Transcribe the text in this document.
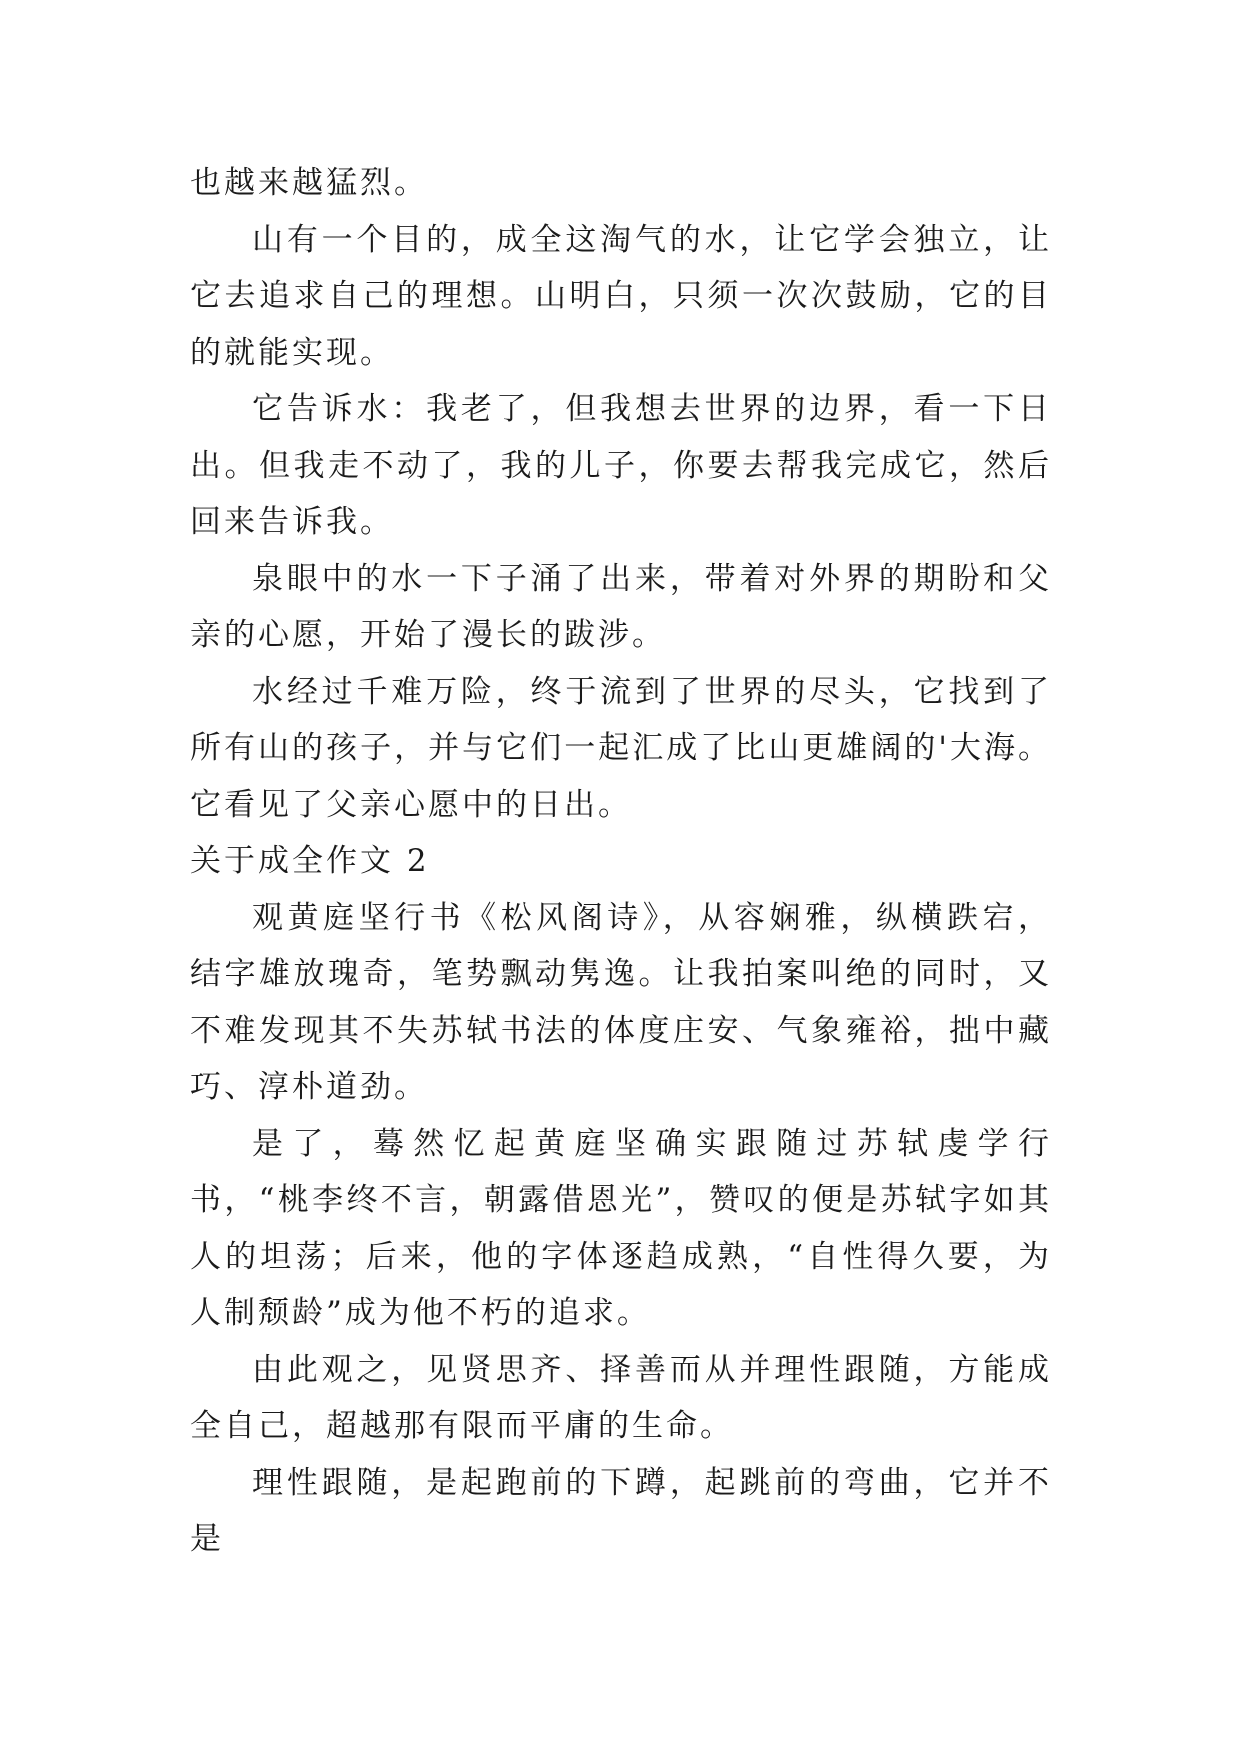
也越来越猛烈。

山有一个目的，成全这淘气的水，让它学会独立，让它去追求自己的理想。山明白，只须一次次鼓励，它的目的就能实现。

它告诉水：我老了，但我想去世界的边界，看一下日出。但我走不动了，我的儿子，你要去帮我完成它，然后回来告诉我。

泉眼中的水一下子涌了出来，带着对外界的期盼和父亲的心愿，开始了漫长的跋涉。

水经过千难万险，终于流到了世界的尽头，它找到了所有山的孩子，并与它们一起汇成了比山更雄阔的'大海。它看见了父亲心愿中的日出。

关于成全作文 2

观黄庭坚行书《松风阁诗》，从容娴雅，纵横跌宕，结字雄放瑰奇，笔势飘动隽逸。让我拍案叫绝的同时，又不难发现其不失苏轼书法的体度庄安、气象雍裕，拙中藏巧、淳朴道劲。

是了，蓦然忆起黄庭坚确实跟随过苏轼虔学行书，“桃李终不言，朝露借恩光”，赞叹的便是苏轼字如其人的坦荡；后来，他的字体逐趋成熟，“自性得久要，为人制颓龄”成为他不朽的追求。

由此观之，见贤思齐、择善而从并理性跟随，方能成全自己，超越那有限而平庸的生命。

理性跟随，是起跑前的下蹲，起跳前的弯曲，它并不是
